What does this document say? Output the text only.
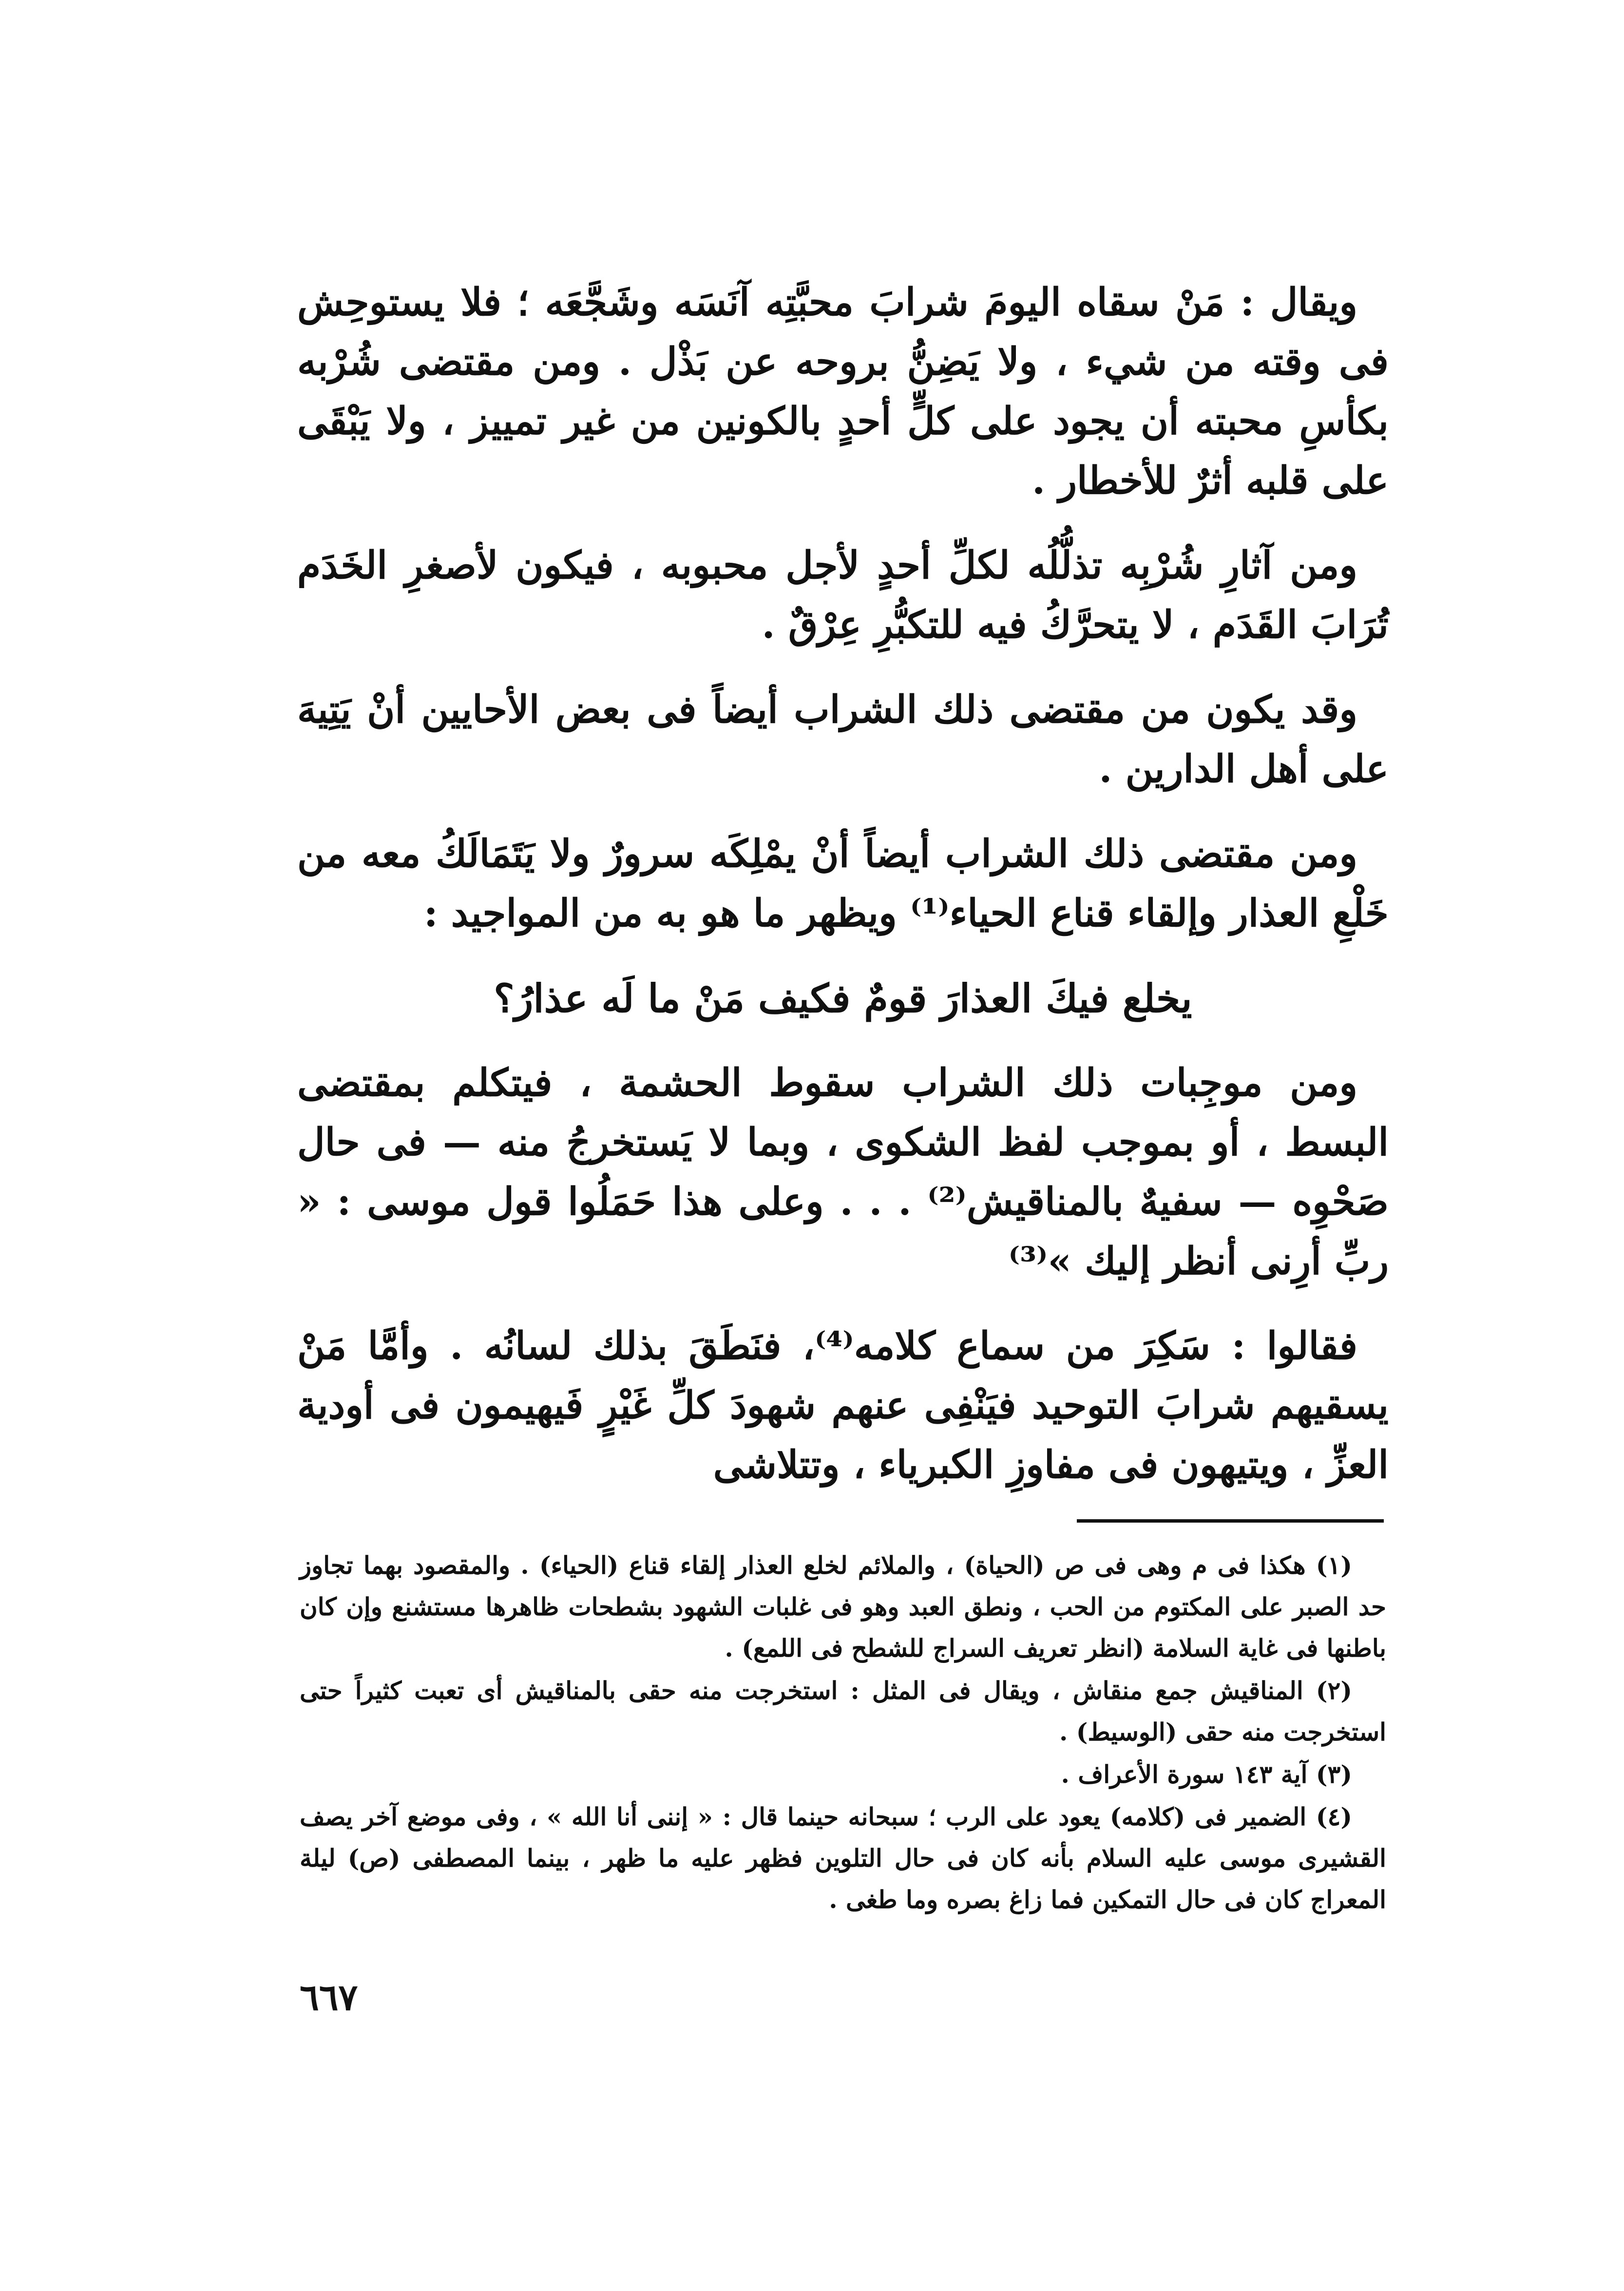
ويقال : مَنْ سقاه اليومَ شرابَ محبَّتِه آنَسَه وشَجَّعَه ؛ فلا يستوحِش فى وقته من شيء ، ولا يَضِنُّ بروحه عن بَذْل . ومن مقتضى شُرْبه بكأسِ محبته أن يجود على كلٍّ أحدٍ بالكونين من غير تمييز ، ولا يَبْقَى على قلبه أثرٌ للأخطار .

ومن آثارِ شُرْبِه تذلُّلُه لكلِّ أحدٍ لأجل محبوبه ، فيكون لأصغرِ الخَدَم تُرَابَ القَدَم ، لا يتحرَّكُ فيه للتكبُّرِ عِرْقٌ .

وقد يكون من مقتضى ذلك الشراب أيضاً فى بعض الأحايين أنْ يَتِيهَ على أهل الدارين .

ومن مقتضى ذلك الشراب أيضاً أنْ يمْلِكَه سرورٌ ولا يَتَمَالَكُ معه من خَلْعِ العذار وإلقاء قناع الحياء⁽¹⁾ ويظهر ما هو به من المواجيد :

يخلع فيكَ العذارَ قومٌ فكيف مَنْ ما لَه عذارُ؟

ومن موجِبات ذلك الشراب سقوط الحشمة ، فيتكلم بمقتضى البسط ، أو بموجب لفظ الشكوى ، وبما لا يَستخرجُ منه — فى حال صَحْوِه — سفيهٌ بالمناقيش⁽²⁾ . . . وعلى هذا حَمَلُوا قول موسى : « ربِّ أرِنى أنظر إليك »⁽³⁾

فقالوا : سَكِرَ من سماع كلامه⁽⁴⁾، فنَطَقَ بذلك لسانُه . وأمَّا مَنْ يسقيهم شرابَ التوحيد فيَنْفِى عنهم شهودَ كلِّ غَيْرٍ فَيهيمون فى أودية العزِّ ، ويتيهون فى مفاوزِ الكبرياء ، وتتلاشى

(١) هكذا فى م وهى فى ص (الحياة) ، والملائم لخلع العذار إلقاء قناع (الحياء) . والمقصود بهما تجاوز حد الصبر على المكتوم من الحب ، ونطق العبد وهو فى غلبات الشهود بشطحات ظاهرها مستشنع وإن كان باطنها فى غاية السلامة (انظر تعريف السراج للشطح فى اللمع) .

(٢) المناقيش جمع منقاش ، ويقال فى المثل : استخرجت منه حقى بالمناقيش أى تعبت كثيراً حتى استخرجت منه حقى (الوسيط) .

(٣) آية ١٤٣ سورة الأعراف .

(٤) الضمير فى (كلامه) يعود على الرب ؛ سبحانه حينما قال : « إننى أنا الله » ، وفى موضع آخر يصف القشيرى موسى عليه السلام بأنه كان فى حال التلوين فظهر عليه ما ظهر ، بينما المصطفى (ص) ليلة المعراج كان فى حال التمكين فما زاغ بصره وما طغى .

٦٦٧
